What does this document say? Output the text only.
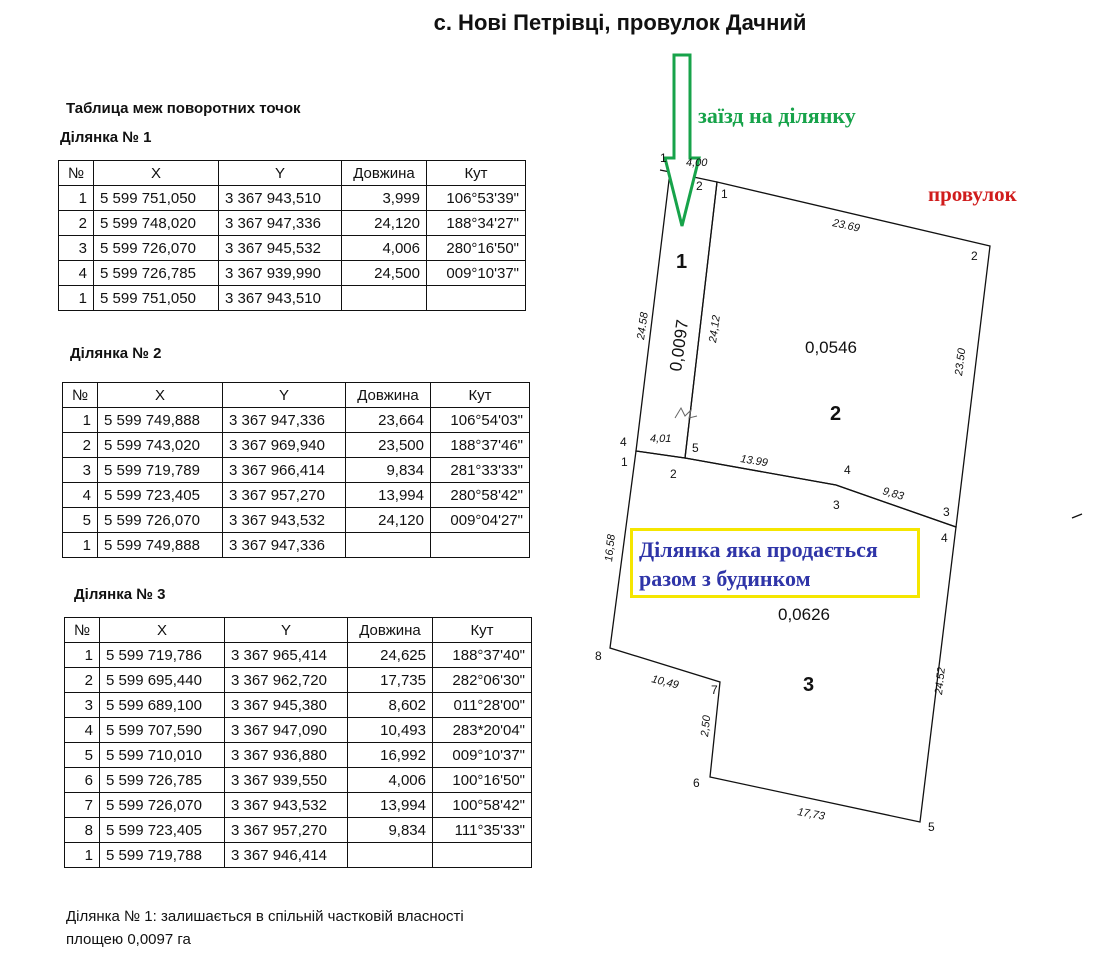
с. Нові Петрівці, провулок Дачний
Таблица меж поворотних точок
Ділянка № 1
№	X	Y	Довжина	Кут
1	5 599 751,050	3 367 943,510	3,999	106°53'39"
2	5 599 748,020	3 367 947,336	24,120	188°34'27"
3	5 599 726,070	3 367 945,532	4,006	280°16'50"
4	5 599 726,785	3 367 939,990	24,500	009°10'37"
1	5 599 751,050	3 367 943,510		
Ділянка № 2
№	X	Y	Довжина	Кут
1	5 599 749,888	3 367 947,336	23,664	106°54'03"
2	5 599 743,020	3 367 969,940	23,500	188°37'46"
3	5 599 719,789	3 367 966,414	9,834	281°33'33"
4	5 599 723,405	3 367 957,270	13,994	280°58'42"
5	5 599 726,070	3 367 943,532	24,120	009°04'27"
1	5 599 749,888	3 367 947,336		
Ділянка № 3
№	X	Y	Довжина	Кут
1	5 599 719,786	3 367 965,414	24,625	188°37'40"
2	5 599 695,440	3 367 962,720	17,735	282°06'30"
3	5 599 689,100	3 367 945,380	8,602	011°28'00"
4	5 599 707,590	3 367 947,090	10,493	283*20'04"
5	5 599 710,010	3 367 936,880	16,992	009°10'37"
6	5 599 726,785	3 367 939,550	4,006	100°16'50"
7	5 599 726,070	3 367 943,532	13,994	100°58'42"
8	5 599 723,405	3 367 957,270	9,834	111°35'33"
1	5 599 719,788	3 367 946,414		
Ділянка № 1: залишається в спільній частковій власності
площею 0,0097 га
1
2
3
0,0097	0,0546
0,0626
4,00
24.58	24,12
23.69
23.50
4,01
13.99
9,83
16,58
24.52
10,49
2,50
17,73
1
2
1
2
4	5
1
2	4
3	3
4
8
7
6
5
заїзд на ділянку
провулок
Ділянка яка продається
разом з будинком
